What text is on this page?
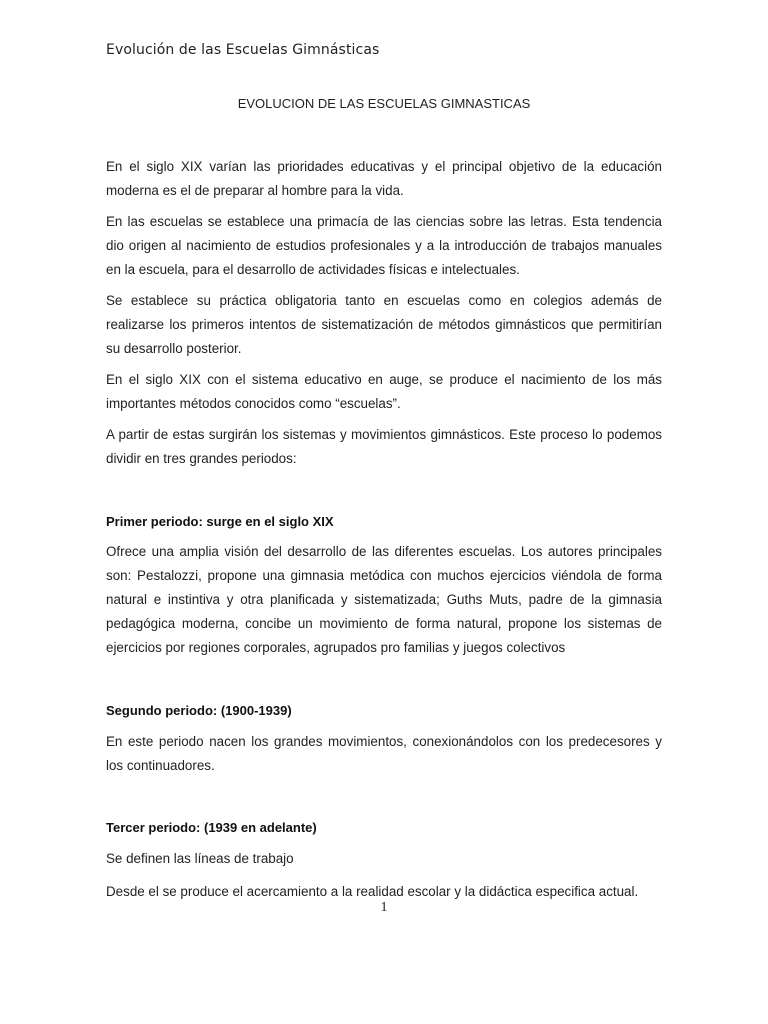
Evolución de las Escuelas Gimnásticas
EVOLUCION DE LAS ESCUELAS GIMNASTICAS

En el siglo XIX varían las prioridades educativas y el principal objetivo de la educación moderna es el de preparar al hombre para la vida.

En las escuelas se establece una primacía de las ciencias sobre las letras. Esta tendencia dio origen al nacimiento de estudios profesionales y a la introducción de trabajos manuales en la escuela, para el desarrollo de actividades físicas e intelectuales.

Se establece su práctica obligatoria tanto en escuelas como en colegios además de realizarse los primeros intentos de sistematización de métodos gimnásticos que permitirían su desarrollo posterior.

En el siglo XIX con el sistema educativo en auge, se produce el nacimiento de los más importantes métodos conocidos como “escuelas”.

A partir de estas surgirán los sistemas y movimientos gimnásticos. Este proceso lo podemos dividir en tres grandes periodos:

Primer periodo: surge en el siglo XIX

Ofrece una amplia visión del desarrollo de las diferentes escuelas. Los autores principales son: Pestalozzi, propone una gimnasia metódica con muchos ejercicios viéndola de forma natural e instintiva y otra planificada y sistematizada; Guths Muts, padre de la gimnasia pedagógica moderna, concibe un movimiento de forma natural, propone los sistemas de ejercicios por regiones corporales, agrupados pro familias y juegos colectivos

Segundo periodo: (1900-1939)

En este periodo nacen los grandes movimientos, conexionándolos con los predecesores y los continuadores.

Tercer periodo: (1939 en adelante)

Se definen las líneas de trabajo

Desde el se produce el acercamiento a la realidad escolar y la didáctica especifica actual.

1
